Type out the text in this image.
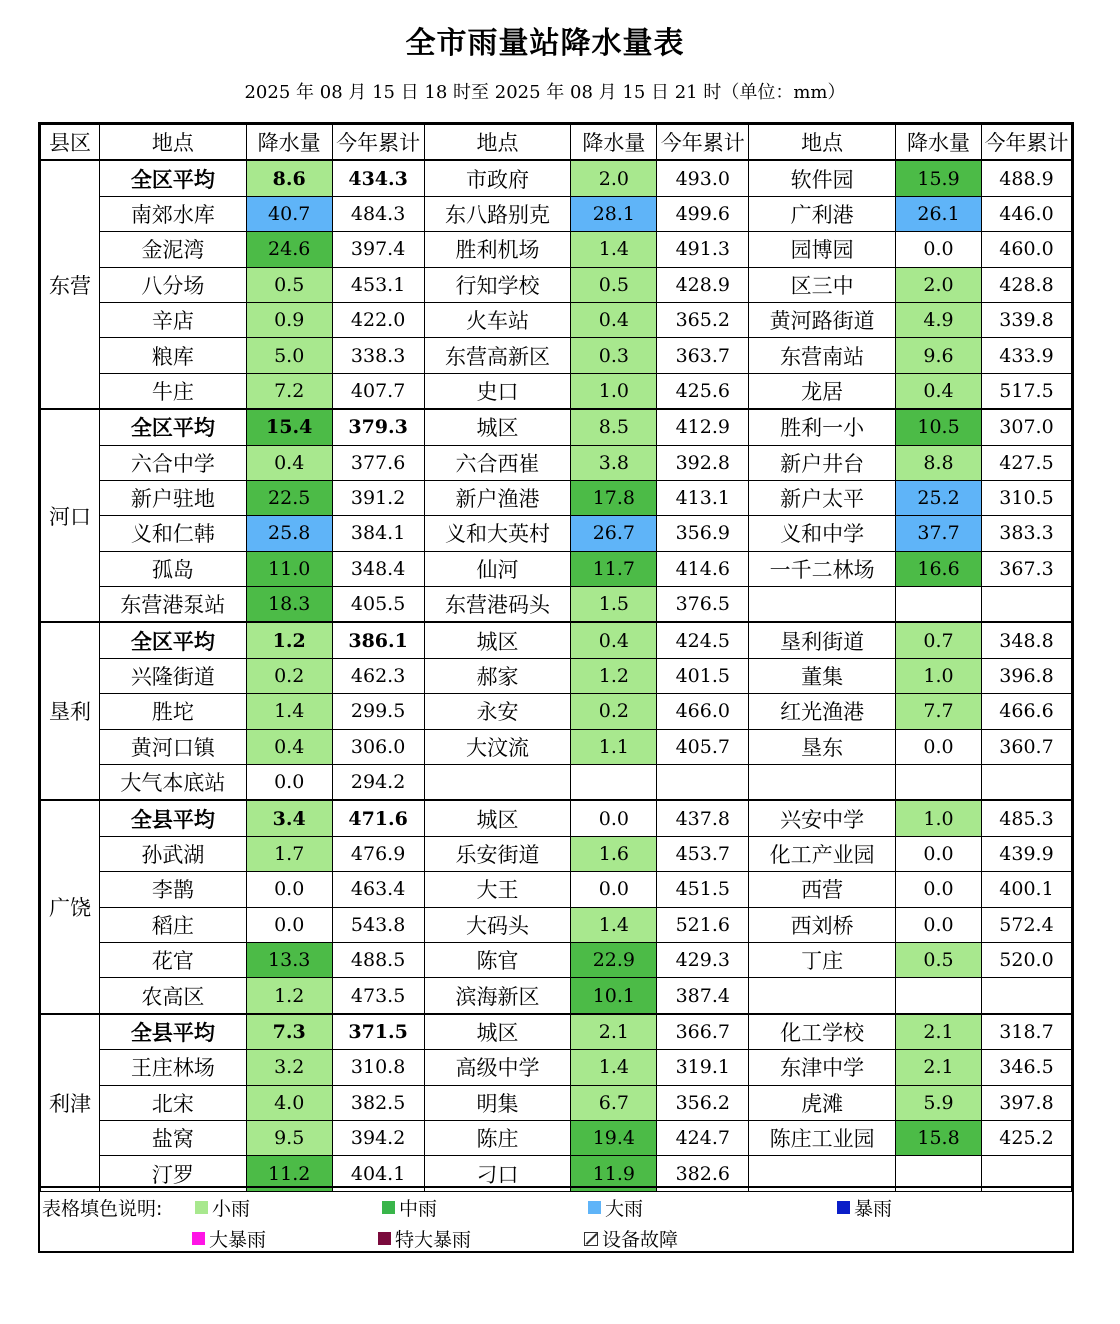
全市雨量站降水量表
2025 年 08 月 15 日 18 时至 2025 年 08 月 15 日 21 时（单位：mm）
县区	地点	降水量	今年累计	地点	降水量	今年累计	地点	降水量	今年累计
东营	全区平均	8.6	434.3	市政府	2.0	493.0	软件园	15.9	488.9
	南郊水库	40.7	484.3	东八路别克	28.1	499.6	广利港	26.1	446.0
	金泥湾	24.6	397.4	胜利机场	1.4	491.3	园博园	0.0	460.0
	八分场	0.5	453.1	行知学校	0.5	428.9	区三中	2.0	428.8
	辛店	0.9	422.0	火车站	0.4	365.2	黄河路街道	4.9	339.8
	粮库	5.0	338.3	东营高新区	0.3	363.7	东营南站	9.6	433.9
	牛庄	7.2	407.7	史口	1.0	425.6	龙居	0.4	517.5
河口	全区平均	15.4	379.3	城区	8.5	412.9	胜利一小	10.5	307.0
	六合中学	0.4	377.6	六合西崔	3.8	392.8	新户井台	8.8	427.5
	新户驻地	22.5	391.2	新户渔港	17.8	413.1	新户太平	25.2	310.5
	义和仁韩	25.8	384.1	义和大英村	26.7	356.9	义和中学	37.7	383.3
	孤岛	11.0	348.4	仙河	11.7	414.6	一千二林场	16.6	367.3
	东营港泵站	18.3	405.5	东营港码头	1.5	376.5			
垦利	全区平均	1.2	386.1	城区	0.4	424.5	垦利街道	0.7	348.8
	兴隆街道	0.2	462.3	郝家	1.2	401.5	董集	1.0	396.8
	胜坨	1.4	299.5	永安	0.2	466.0	红光渔港	7.7	466.6
	黄河口镇	0.4	306.0	大汶流	1.1	405.7	垦东	0.0	360.7
	大气本底站	0.0	294.2						
广饶	全县平均	3.4	471.6	城区	0.0	437.8	兴安中学	1.0	485.3
	孙武湖	1.7	476.9	乐安街道	1.6	453.7	化工产业园	0.0	439.9
	李鹊	0.0	463.4	大王	0.0	451.5	西营	0.0	400.1
	稻庄	0.0	543.8	大码头	1.4	521.6	西刘桥	0.0	572.4
	花官	13.3	488.5	陈官	22.9	429.3	丁庄	0.5	520.0
	农高区	1.2	473.5	滨海新区	10.1	387.4			
利津	全县平均	7.3	371.5	城区	2.1	366.7	化工学校	2.1	318.7
	王庄林场	3.2	310.8	高级中学	1.4	319.1	东津中学	2.1	346.5
	北宋	4.0	382.5	明集	6.7	356.2	虎滩	5.9	397.8
	盐窝	9.5	394.2	陈庄	19.4	424.7	陈庄工业园	15.8	425.2
	汀罗	11.2	404.1	刁口	11.9	382.6			
表格填色说明:	小雨	中雨	大雨	暴雨
大暴雨	特大暴雨	设备故障
